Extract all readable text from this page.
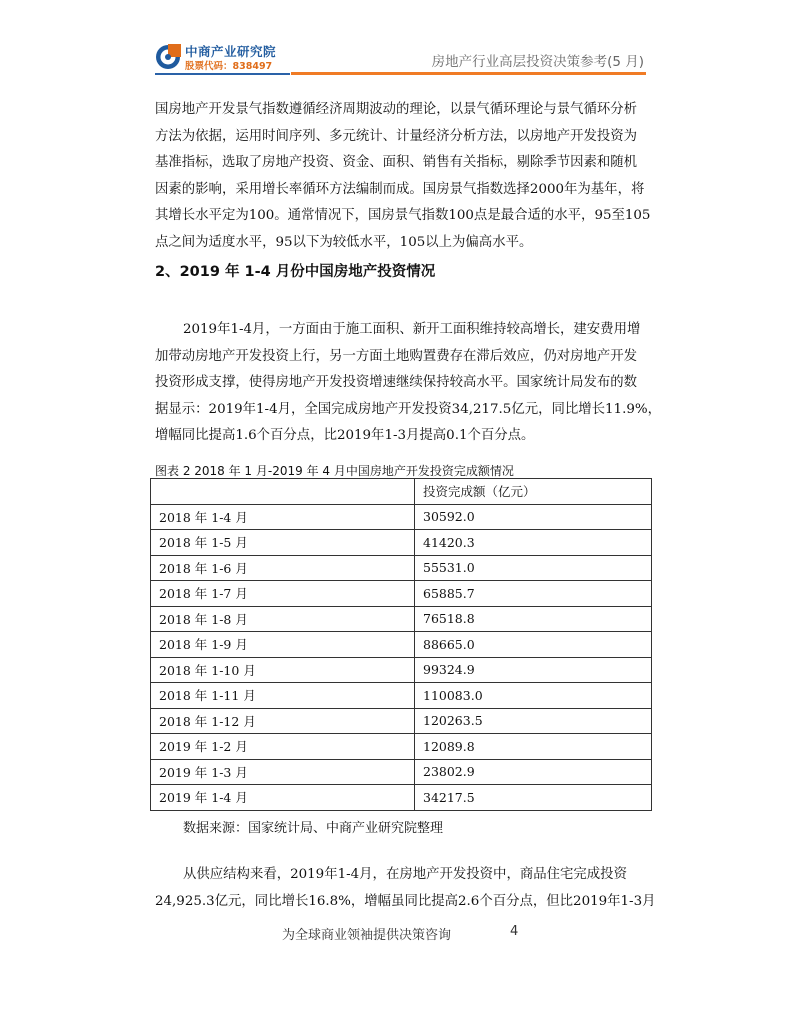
中商产业研究院
股票代码：838497	房地产行业高层投资决策参考(5 月)
国房地产开发景气指数遵循经济周期波动的理论，以景气循环理论与景气循环分析
方法为依据，运用时间序列、多元统计、计量经济分析方法，以房地产开发投资为
基准指标，选取了房地产投资、资金、面积、销售有关指标，剔除季节因素和随机
因素的影响，采用增长率循环方法编制而成。国房景气指数选择2000年为基年，将
其增长水平定为100。通常情况下，国房景气指数100点是最合适的水平，95至105
点之间为适度水平，95以下为较低水平，105以上为偏高水平。
2、2019 年 1-4 月份中国房地产投资情况
2019年1-4月，一方面由于施工面积、新开工面积维持较高增长，建安费用增
加带动房地产开发投资上行，另一方面土地购置费存在滞后效应，仍对房地产开发
投资形成支撑，使得房地产开发投资增速继续保持较高水平。国家统计局发布的数
据显示：2019年1-4月，全国完成房地产开发投资34,217.5亿元，同比增长11.9%，
增幅同比提高1.6个百分点，比2019年1-3月提高0.1个百分点。

图表 2 2018 年 1 月-2019 年 4 月中国房地产开发投资完成额情况

	投资完成额（亿元）
2018 年 1-4 月	30592.0
2018 年 1-5 月	41420.3
2018 年 1-6 月	55531.0
2018 年 1-7 月	65885.7
2018 年 1-8 月	76518.8
2018 年 1-9 月	88665.0
2018 年 1-10 月	99324.9
2018 年 1-11 月	110083.0
2018 年 1-12 月	120263.5
2019 年 1-2 月	12089.8
2019 年 1-3 月	23802.9
2019 年 1-4 月	34217.5

数据来源：国家统计局、中商产业研究院整理

从供应结构来看，2019年1-4月，在房地产开发投资中，商品住宅完成投资
24,925.3亿元，同比增长16.8%，增幅虽同比提高2.6个百分点，但比2019年1-3月
为全球商业领袖提供决策咨询	4
